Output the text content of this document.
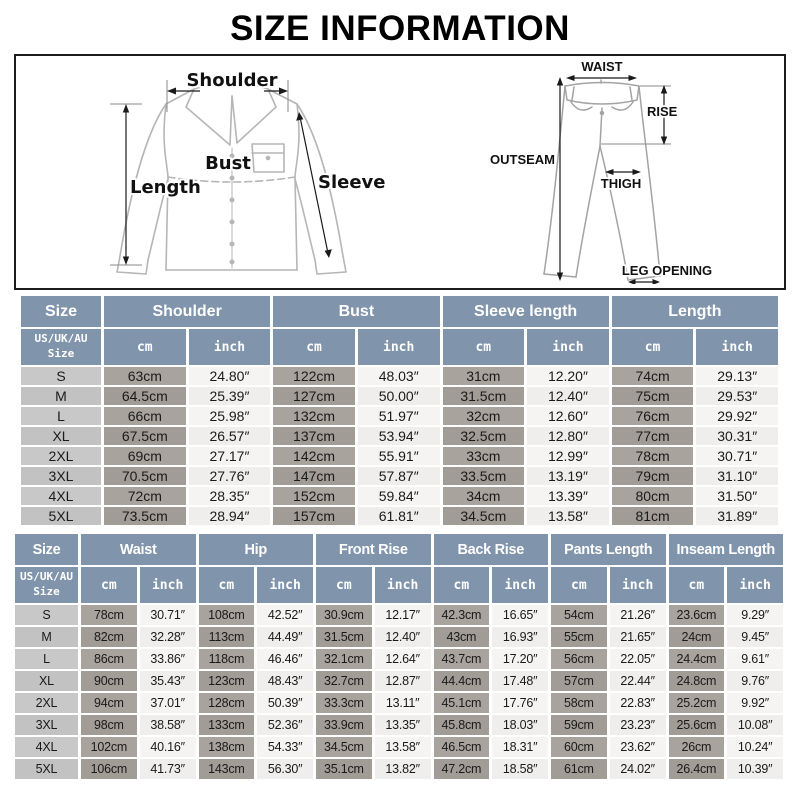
SIZE INFORMATION
Shoulder
Length
Bust
Sleeve
WAIST
RISE
OUTSEAM
THIGH
LEG OPENING
Size	Shoulder		Bust		Sleeve length		Length	
US/UK/AU Size	cm	inch	cm	inch	cm	inch	cm	inch
S	63cm	24.80″	122cm	48.03″	31cm	12.20″	74cm	29.13″
M	64.5cm	25.39″	127cm	50.00″	31.5cm	12.40″	75cm	29.53″
L	66cm	25.98″	132cm	51.97″	32cm	12.60″	76cm	29.92″
XL	67.5cm	26.57″	137cm	53.94″	32.5cm	12.80″	77cm	30.31″
2XL	69cm	27.17″	142cm	55.91″	33cm	12.99″	78cm	30.71″
3XL	70.5cm	27.76″	147cm	57.87″	33.5cm	13.19″	79cm	31.10″
4XL	72cm	28.35″	152cm	59.84″	34cm	13.39″	80cm	31.50″
5XL	73.5cm	28.94″	157cm	61.81″	34.5cm	13.58″	81cm	31.89″
Size	Waist		Hip		Front Rise		Back Rise		Pants Length		Inseam Length	
US/UK/AU Size	cm	inch	cm	inch	cm	inch	cm	inch	cm	inch	cm	inch
S	78cm	30.71″	108cm	42.52″	30.9cm	12.17″	42.3cm	16.65″	54cm	21.26″	23.6cm	9.29″
M	82cm	32.28″	113cm	44.49″	31.5cm	12.40″	43cm	16.93″	55cm	21.65″	24cm	9.45″
L	86cm	33.86″	118cm	46.46″	32.1cm	12.64″	43.7cm	17.20″	56cm	22.05″	24.4cm	9.61″
XL	90cm	35.43″	123cm	48.43″	32.7cm	12.87″	44.4cm	17.48″	57cm	22.44″	24.8cm	9.76″
2XL	94cm	37.01″	128cm	50.39″	33.3cm	13.11″	45.1cm	17.76″	58cm	22.83″	25.2cm	9.92″
3XL	98cm	38.58″	133cm	52.36″	33.9cm	13.35″	45.8cm	18.03″	59cm	23.23″	25.6cm	10.08″
4XL	102cm	40.16″	138cm	54.33″	34.5cm	13.58″	46.5cm	18.31″	60cm	23.62″	26cm	10.24″
5XL	106cm	41.73″	143cm	56.30″	35.1cm	13.82″	47.2cm	18.58″	61cm	24.02″	26.4cm	10.39″
